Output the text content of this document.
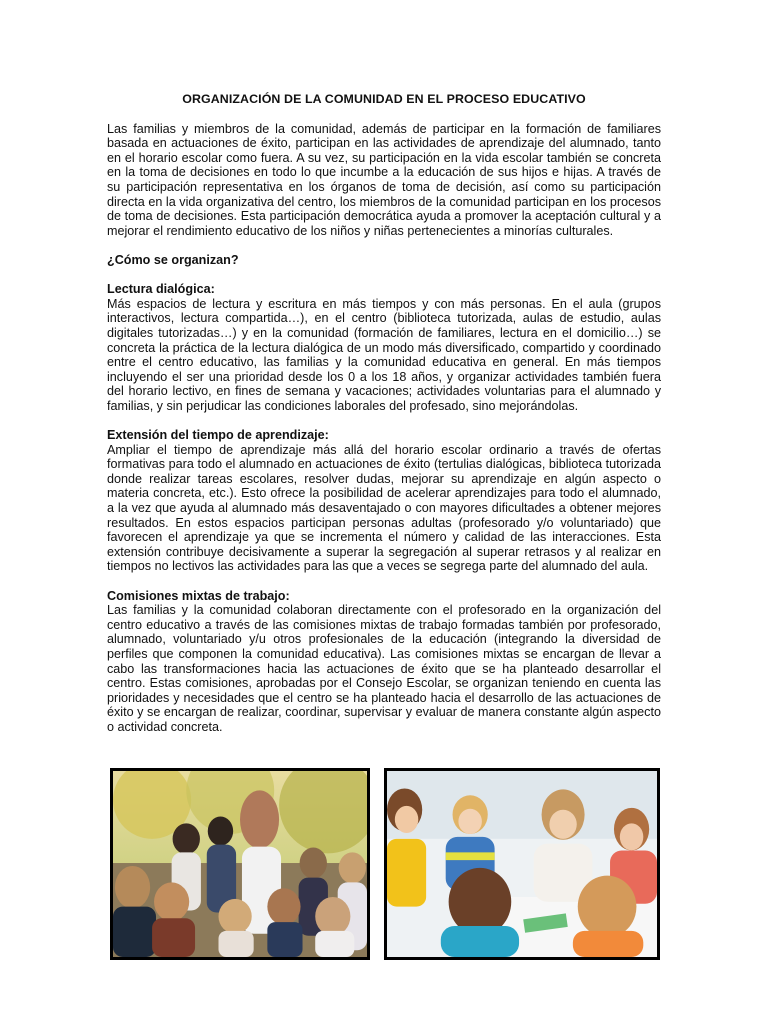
ORGANIZACIÓN DE LA COMUNIDAD EN EL PROCESO EDUCATIVO

Las familias y miembros de la comunidad, además de participar en la formación de familiares basada en actuaciones de éxito, participan en las actividades de aprendizaje del alumnado, tanto en el horario escolar como fuera. A su vez, su participación en la vida escolar también se concreta en la toma de decisiones en todo lo que incumbe a la educación de sus hijos e hijas. A través de su participación representativa en los órganos de toma de decisión, así como su participación directa en la vida organizativa del centro, los miembros de la comunidad participan en los procesos de toma de decisiones. Esta participación democrática ayuda a promover la aceptación cultural y a mejorar el rendimiento educativo de los niños y niñas pertenecientes a minorías culturales.

¿Cómo se organizan?

Lectura dialógica:

Más espacios de lectura y escritura en más tiempos y con más personas. En el aula (grupos interactivos, lectura compartida…), en el centro (biblioteca tutorizada, aulas de estudio, aulas digitales tutorizadas…) y en la comunidad (formación de familiares, lectura en el domicilio…) se concreta la práctica de la lectura dialógica de un modo más diversificado, compartido y coordinado entre el centro educativo, las familias y la comunidad educativa en general. En más tiempos incluyendo el ser una prioridad desde los 0 a los 18 años, y organizar actividades también fuera del horario lectivo, en fines de semana y vacaciones; actividades voluntarias para el alumnado y familias, y sin perjudicar las condiciones laborales del profesado, sino mejorándolas.

Extensión del tiempo de aprendizaje:

Ampliar el tiempo de aprendizaje más allá del horario escolar ordinario a través de ofertas formativas para todo el alumnado en actuaciones de éxito (tertulias dialógicas, biblioteca tutorizada donde realizar tareas escolares, resolver dudas, mejorar su aprendizaje en algún aspecto o materia concreta, etc.). Esto ofrece la posibilidad de acelerar aprendizajes para todo el alumnado, a la vez que ayuda al alumnado más desaventajado o con mayores dificultades a obtener mejores resultados. En estos espacios participan personas adultas (profesorado y/o voluntariado) que favorecen el aprendizaje ya que se incrementa el número y calidad de las interacciones. Esta extensión contribuye decisivamente a superar la segregación al superar retrasos y al realizar en tiempos no lectivos las actividades para las que a veces se segrega parte del alumnado del aula.

Comisiones mixtas de trabajo:

Las familias y la comunidad colaboran directamente con el profesorado en la organización del centro educativo a través de las comisiones mixtas de trabajo formadas también por profesorado, alumnado, voluntariado y/u otros profesionales de la educación (integrando la diversidad de perfiles que componen la comunidad educativa). Las comisiones mixtas se encargan de llevar a cabo las transformaciones hacia las actuaciones de éxito que se ha planteado desarrollar el centro. Estas comisiones, aprobadas por el Consejo Escolar, se organizan teniendo en cuenta las prioridades y necesidades que el centro se ha planteado hacia el desarrollo de las actuaciones de éxito y se encargan de realizar, coordinar, supervisar y evaluar de manera constante algún aspecto o actividad concreta.
